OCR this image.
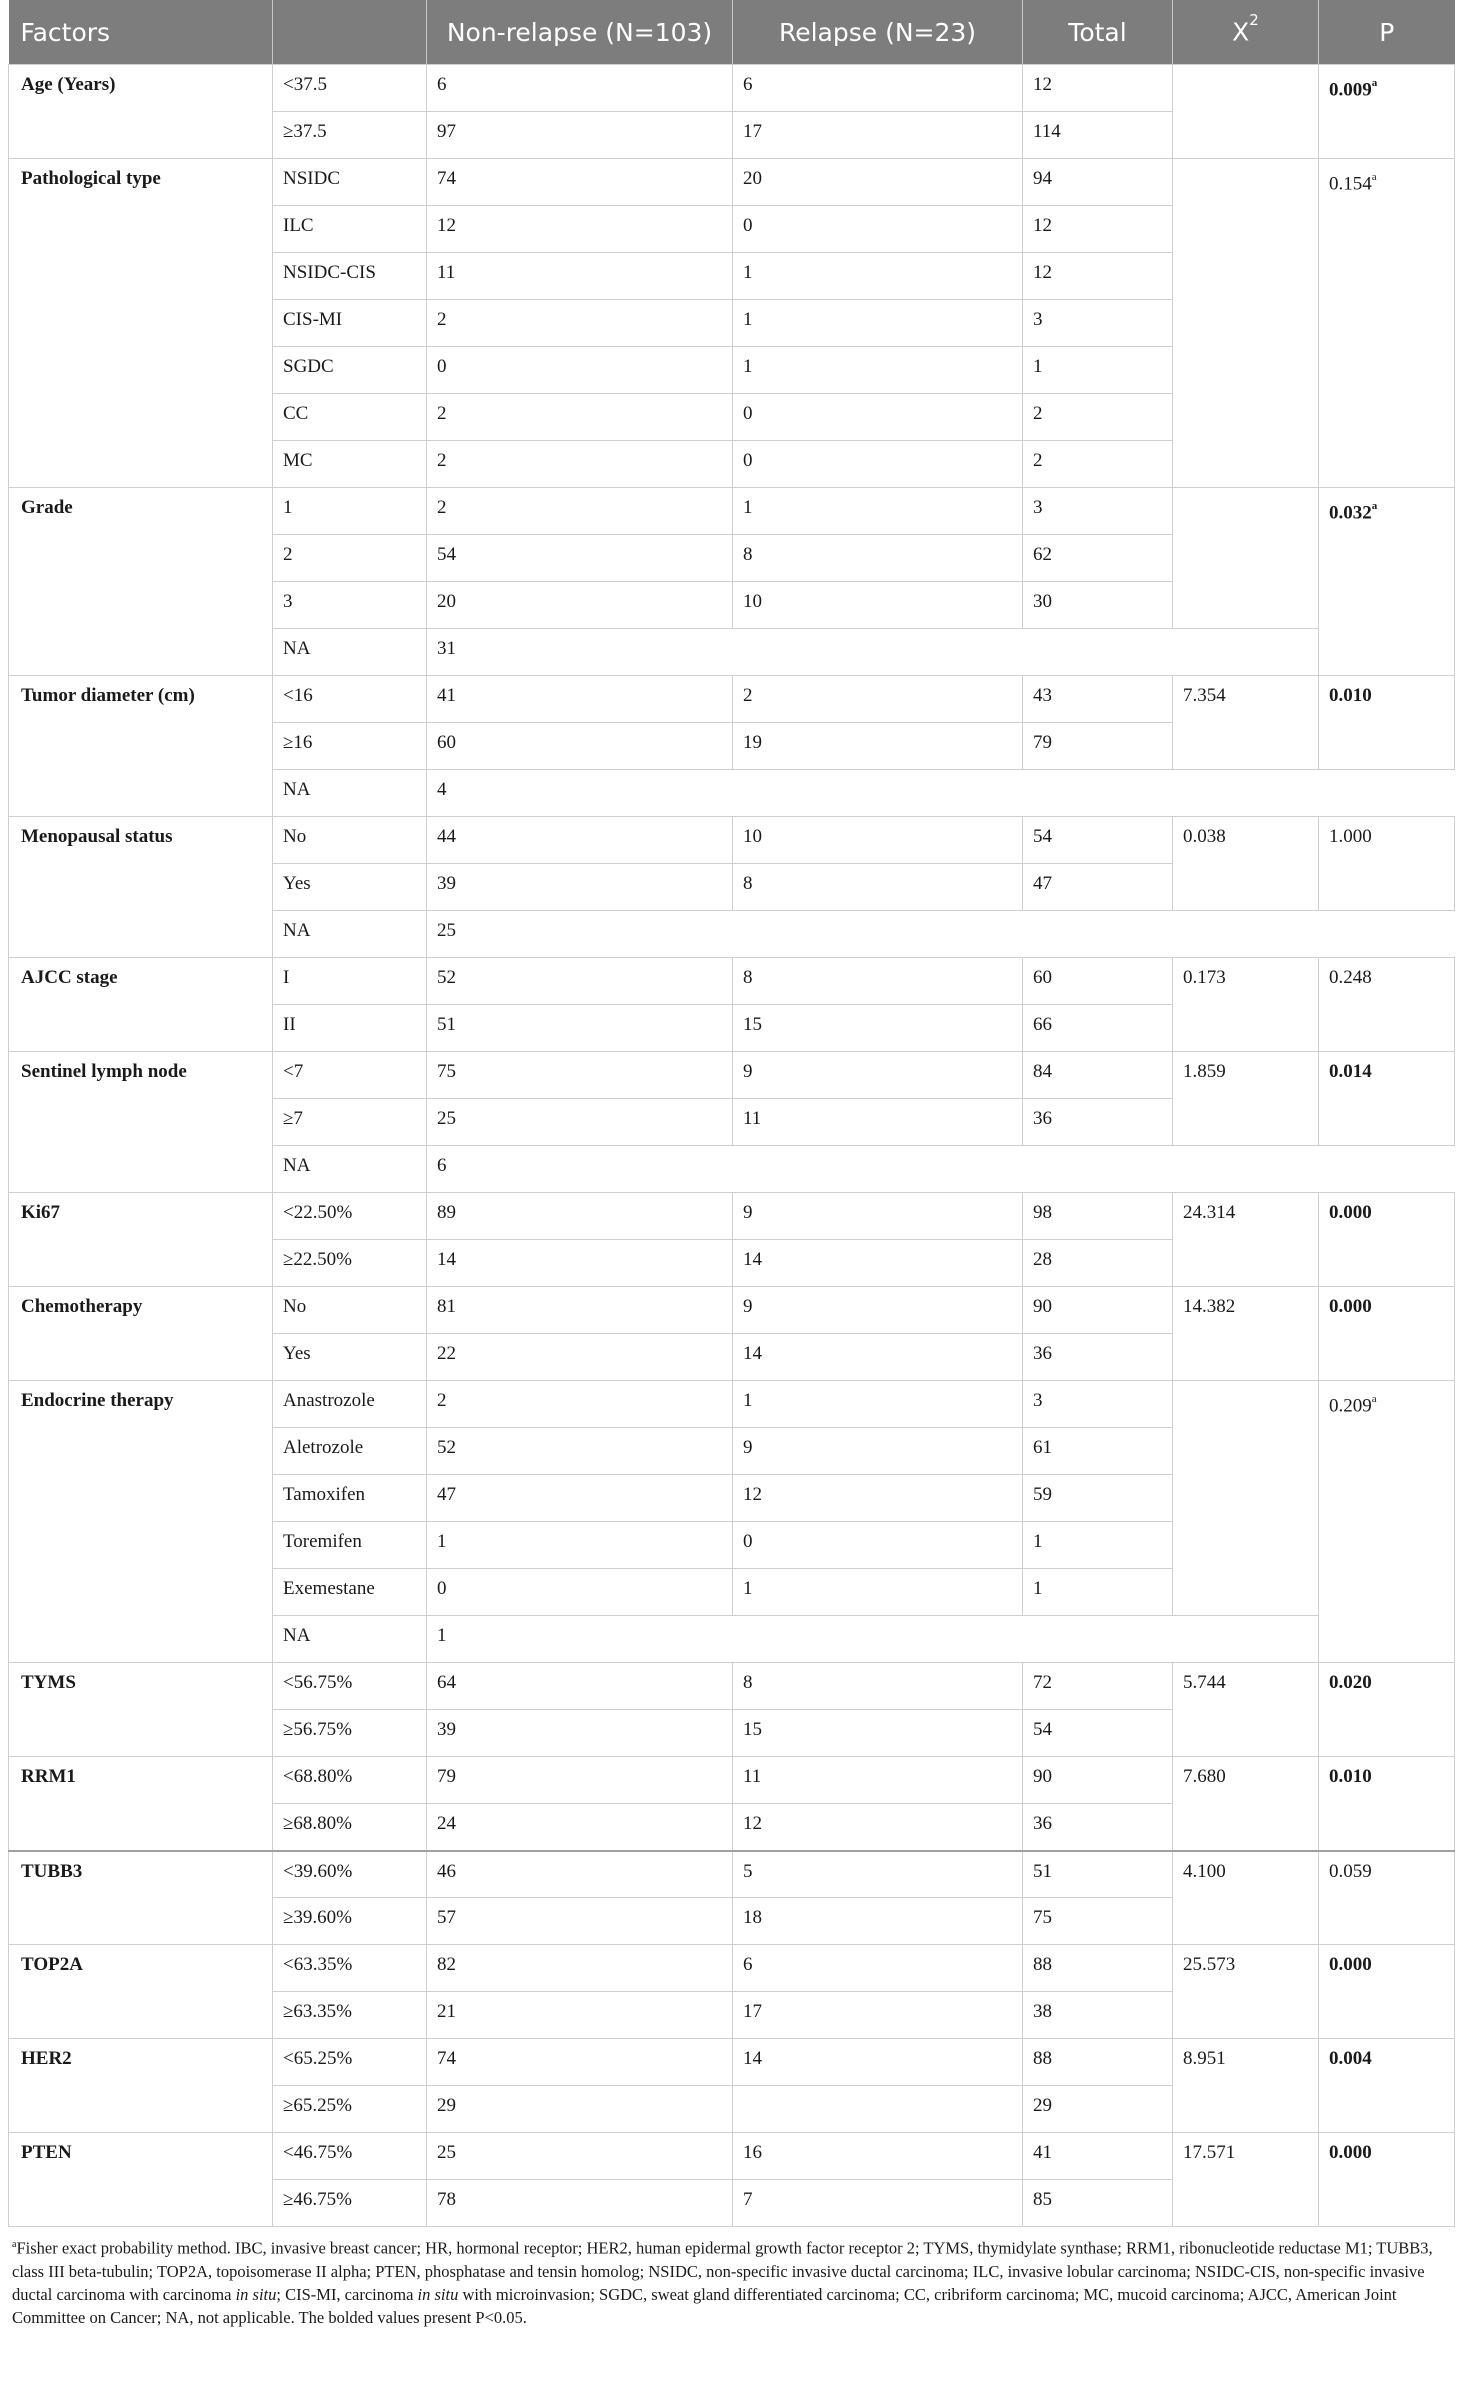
Factors		Non-relapse (N=103)	Relapse (N=23)	Total	$X^2$	P
Age (Years)	<37.5	6	6	12		0.009$^a$
	≥37.5	97	17	114		
Pathological type	NSIDC	74	20	94		0.154$^a$
	ILC	12	0	12		
	NSIDC-CIS	11	1	12		
	CIS-MI	2	1	3		
	SGDC	0	1	1		
	CC	2	0	2		
	MC	2	0	2		
Grade	1	2	1	3		0.032$^a$
	2	54	8	62		
	3	20	10	30		
	NA	31				
Tumor diameter (cm)	<16	41	2	43	7.354	0.010
	≥16	60	19	79		
	NA	4				
Menopausal status	No	44	10	54	0.038	1.000
	Yes	39	8	47		
	NA	25				
AJCC stage	I	52	8	60	0.173	0.248
	II	51	15	66		
Sentinel lymph node	<7	75	9	84	1.859	0.014
	≥7	25	11	36		
	NA	6				
Ki67	<22.50%	89	9	98	24.314	0.000
	≥22.50%	14	14	28		
Chemotherapy	No	81	9	90	14.382	0.000
	Yes	22	14	36		
Endocrine therapy	Anastrozole	2	1	3		0.209$^a$
	Aletrozole	52	9	61		
	Tamoxifen	47	12	59		
	Toremifen	1	0	1		
	Exemestane	0	1	1		
	NA	1				
TYMS	<56.75%	64	8	72	5.744	0.020
	≥56.75%	39	15	54		
RRM1	<68.80%	79	11	90	7.680	0.010
	≥68.80%	24	12	36		
TUBB3	<39.60%	46	5	51	4.100	0.059
	≥39.60%	57	18	75		
TOP2A	<63.35%	82	6	88	25.573	0.000
	≥63.35%	21	17	38		
HER2	<65.25%	74	14	88	8.951	0.004
	≥65.25%	29		29		
PTEN	<46.75%	25	16	41	17.571	0.000
	≥46.75%	78	7	85		

$^a$Fisher exact probability method. IBC, invasive breast cancer; HR, hormonal receptor; HER2, human epidermal growth factor receptor 2; TYMS, thymidylate synthase; RRM1, ribonucleotide reductase M1; TUBB3, class III beta-tubulin; TOP2A, topoisomerase II alpha; PTEN, phosphatase and tensin homolog; NSIDC, non-specific invasive ductal carcinoma; ILC, invasive lobular carcinoma; NSIDC-CIS, non-specific invasive ductal carcinoma with carcinoma in situ; CIS-MI, carcinoma in situ with microinvasion; SGDC, sweat gland differentiated carcinoma; CC, cribriform carcinoma; MC, mucoid carcinoma; AJCC, American Joint Committee on Cancer; NA, not applicable. The bolded values present P<0.05.
